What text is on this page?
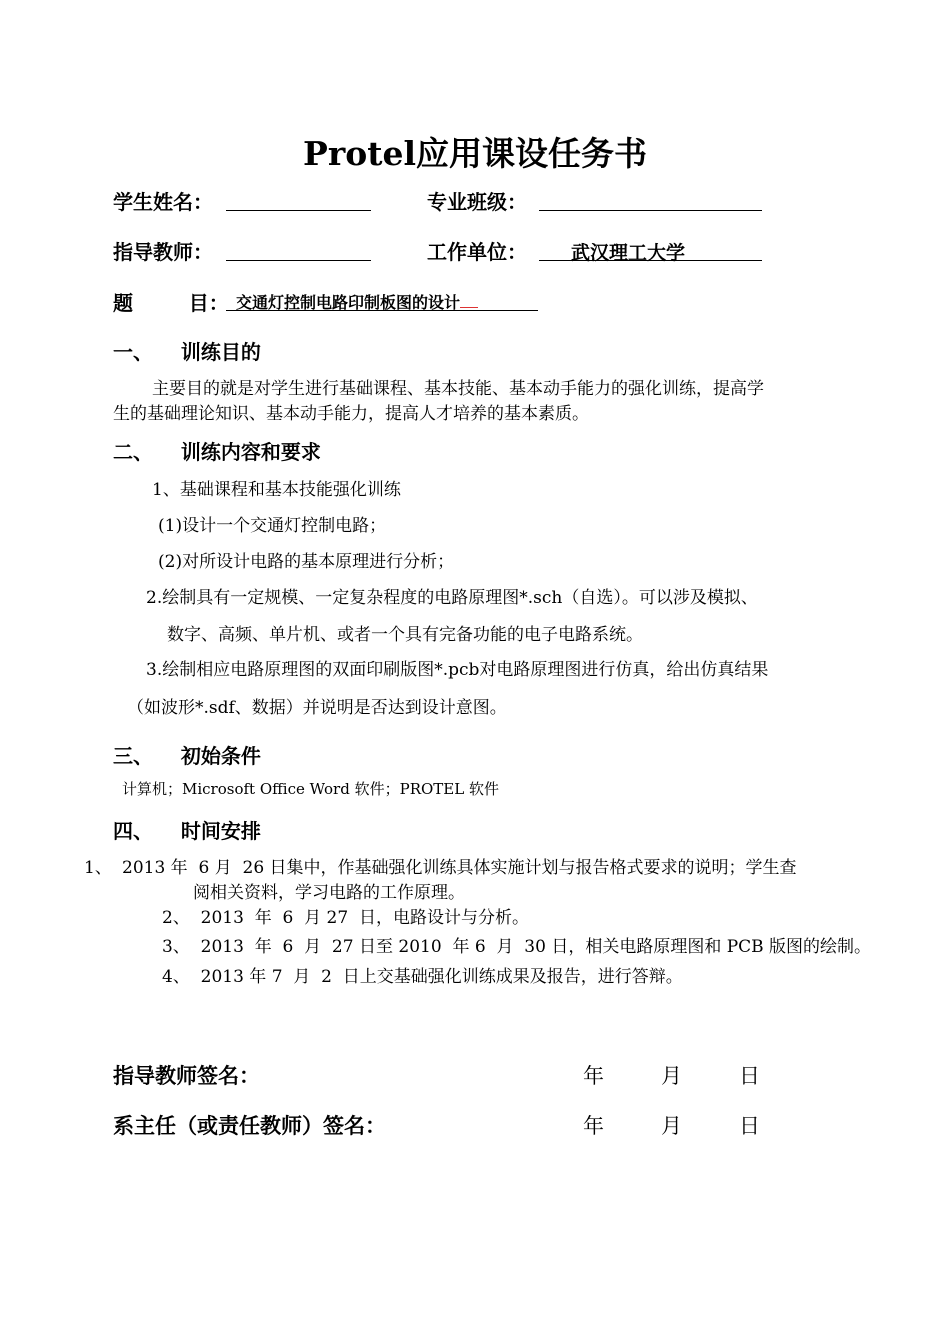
Protel应用课设任务书
学生姓名：	专业班级：
指导教师：	工作单位：	武汉理工大学
题        目： 交通灯控制电路印制板图的设计
一、    训练目的
主要目的就是对学生进行基础课程、基本技能、基本动手能力的强化训练，提高学
生的基础理论知识、基本动手能力，提高人才培养的基本素质。
二、    训练内容和要求
1、基础课程和基本技能强化训练
(1)设计一个交通灯控制电路；
(2)对所设计电路的基本原理进行分析；
2.绘制具有一定规模、一定复杂程度的电路原理图*.sch（自选）。可以涉及模拟、
数字、高频、单片机、或者一个具有完备功能的电子电路系统。
3.绘制相应电路原理图的双面印刷版图*.pcb对电路原理图进行仿真，给出仿真结果
（如波形*.sdf、数据）并说明是否达到设计意图。
三、    初始条件
计算机；Microsoft Office Word 软件；PROTEL 软件
四、    时间安排
1、 2013 年  6 月  26 日集中，作基础强化训练具体实施计划与报告格式要求的说明；学生查
阅相关资料，学习电路的工作原理。
2、  2013  年  6  月 27  日，电路设计与分析。
3、  2013  年  6  月  27 日至 2010  年 6  月  30 日，相关电路原理图和 PCB 版图的绘制。
4、  2013 年 7  月  2  日上交基础强化训练成果及报告，进行答辩。
指导教师签名：	年	月	日
系主任（或责任教师）签名：	年	月	日
